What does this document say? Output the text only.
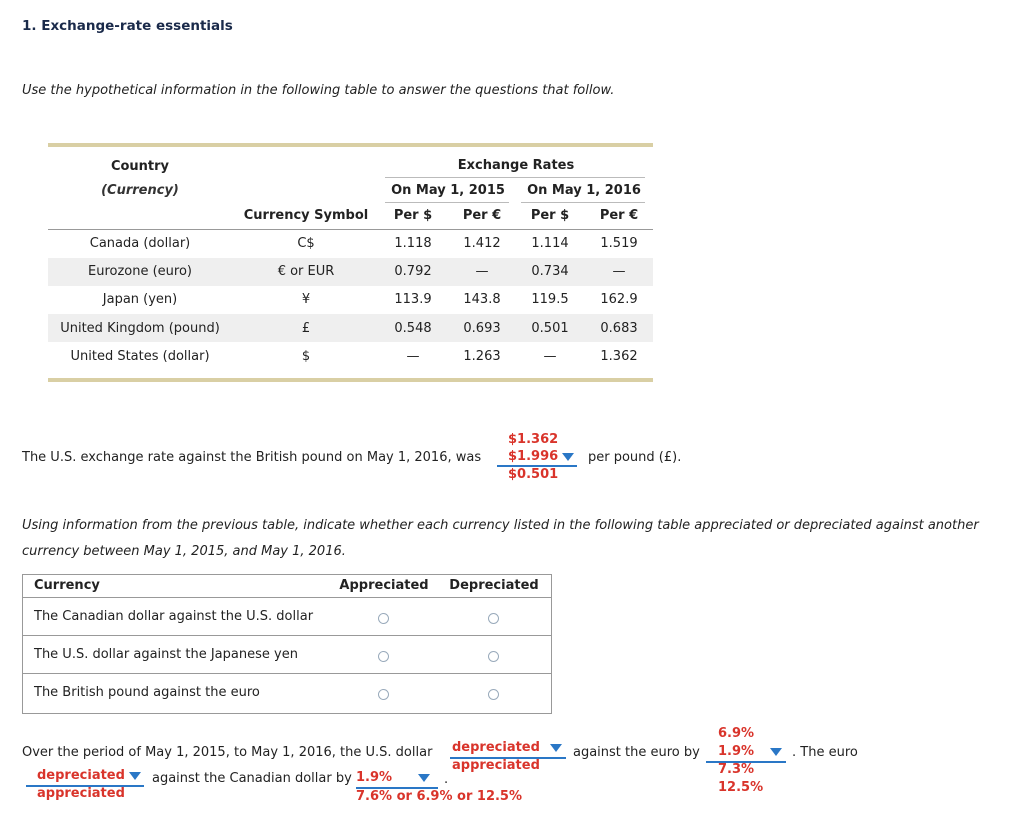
1. Exchange-rate essentials
Use the hypothetical information in the following table to answer the questions that follow.
Country
(Currency)
Exchange Rates
On May 1, 2015 On May 1, 2016
Currency Symbol Per $ Per € Per $ Per €
Canada (dollar)	C$	1.118 1.412 1.114 1.519
Eurozone (euro)	€ or EUR	0.792	—	0.734	—
Japan (yen)	¥	113.9 143.8 119.5 162.9
United Kingdom (pound)	£	0.548 0.693 0.501 0.683
United States (dollar)	$	—	1.263	—	1.362
$1.362
The U.S. exchange rate against the British pound on May 1, 2016, was $1.996
$0.501
per pound (£).
Using information from the previous table, indicate whether each currency listed in the following table appreciated or depreciated against another currency between May 1, 2015, and May 1, 2016.
Currency	Appreciated Depreciated
The Canadian dollar against the U.S. dollar
The U.S. dollar against the Japanese yen
The British pound against the euro
Over the period of May 1, 2015, to May 1, 2016, the U.S. dollar depreciated
appreciated
against the euro by
6.9%
1.9%
7.3%
12.5%
. The euro
depreciated
appreciated
against the Canadian dollar by 1.9%	.
7.6% or 6.9% or 12.5%
